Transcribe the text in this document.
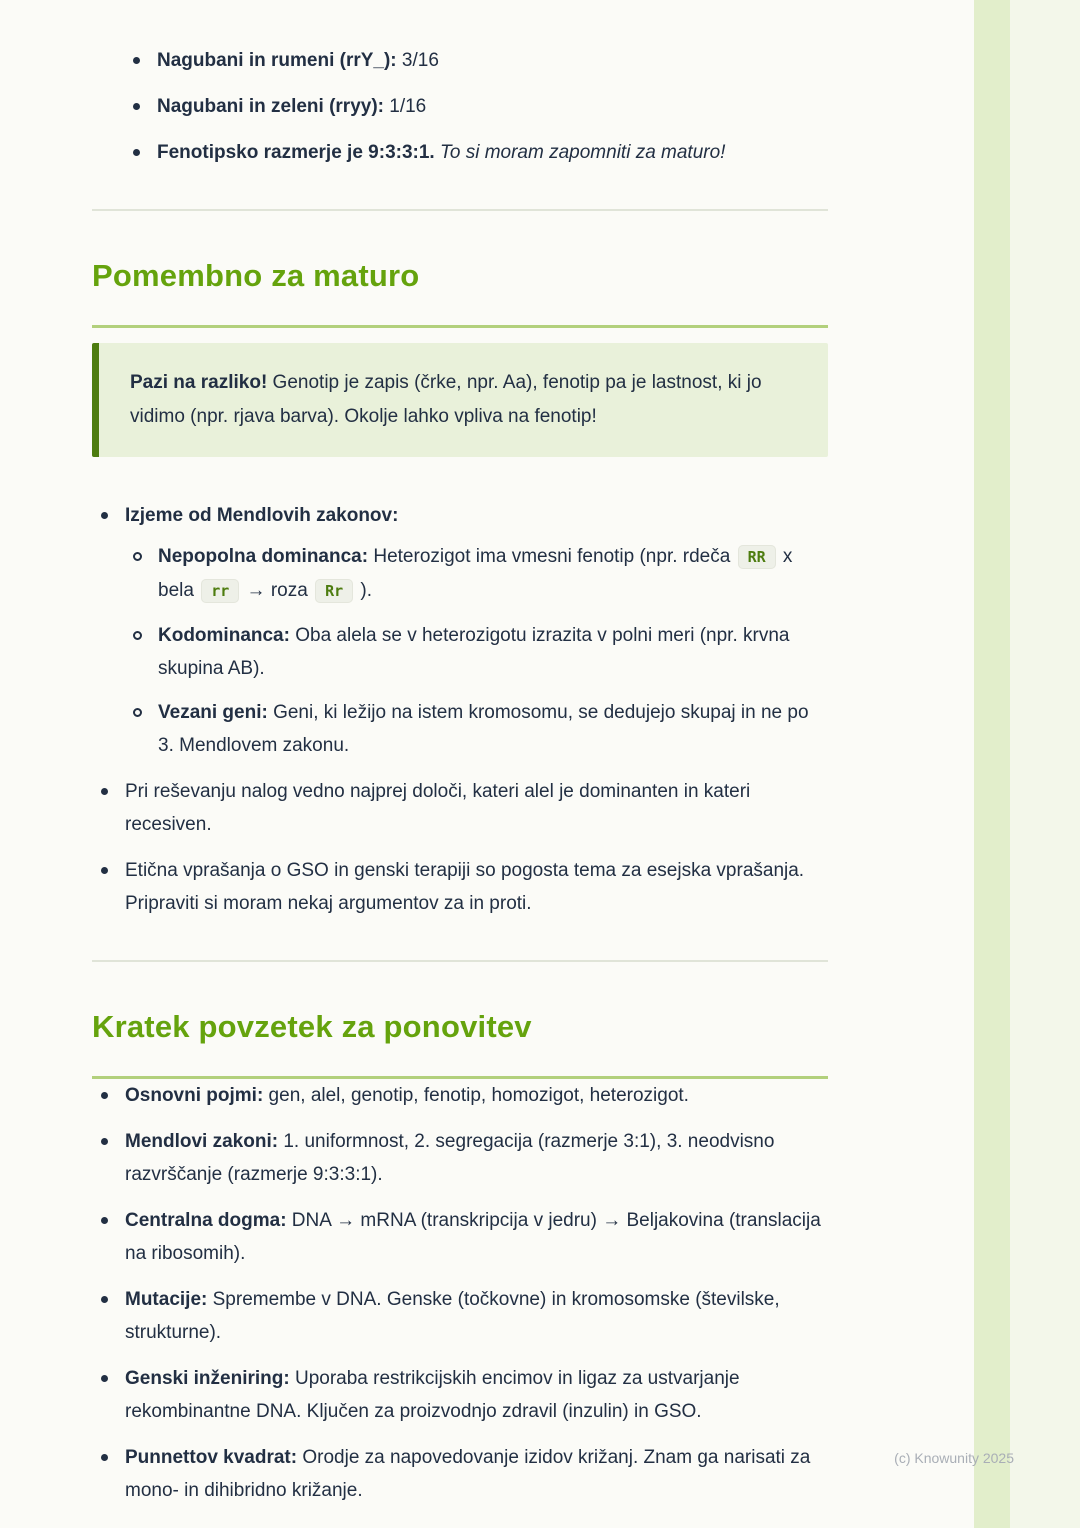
Nagubani in rumeni (rrY_): 3/16
Nagubani in zeleni (rryy): 1/16
Fenotipsko razmerje je 9:3:3:1. To si moram zapomniti za maturo!
Pomembno za maturo

Pazi na razliko! Genotip je zapis (črke, npr. Aa), fenotip pa je lastnost, ki jo vidimo (npr. rjava barva). Okolje lahko vpliva na fenotip!

Izjeme od Mendlovih zakonov:
Nepopolna dominanca: Heterozigot ima vmesni fenotip (npr. rdeča RR x bela rr → roza Rr ).
Kodominanca: Oba alela se v heterozigotu izrazita v polni meri (npr. krvna skupina AB).
Vezani geni: Geni, ki ležijo na istem kromosomu, se dedujejo skupaj in ne po 3. Mendlovem zakonu.
Pri reševanju nalog vedno najprej določi, kateri alel je dominanten in kateri recesiven.
Etična vprašanja o GSO in genski terapiji so pogosta tema za esejska vprašanja. Pripraviti si moram nekaj argumentov za in proti.
Kratek povzetek za ponovitev
Osnovni pojmi: gen, alel, genotip, fenotip, homozigot, heterozigot.
Mendlovi zakoni: 1. uniformnost, 2. segregacija (razmerje 3:1), 3. neodvisno razvrščanje (razmerje 9:3:3:1).
Centralna dogma: DNA → mRNA (transkripcija v jedru) → Beljakovina (translacija na ribosomih).
Mutacije: Spremembe v DNA. Genske (točkovne) in kromosomske (številske, strukturne).
Genski inženiring: Uporaba restrikcijskih encimov in ligaz za ustvarjanje rekombinantne DNA. Ključen za proizvodnjo zdravil (inzulin) in GSO.
Punnettov kvadrat: Orodje za napovedovanje izidov križanj. Znam ga narisati za mono- in dihibridno križanje.
(c) Knowunity 2025
